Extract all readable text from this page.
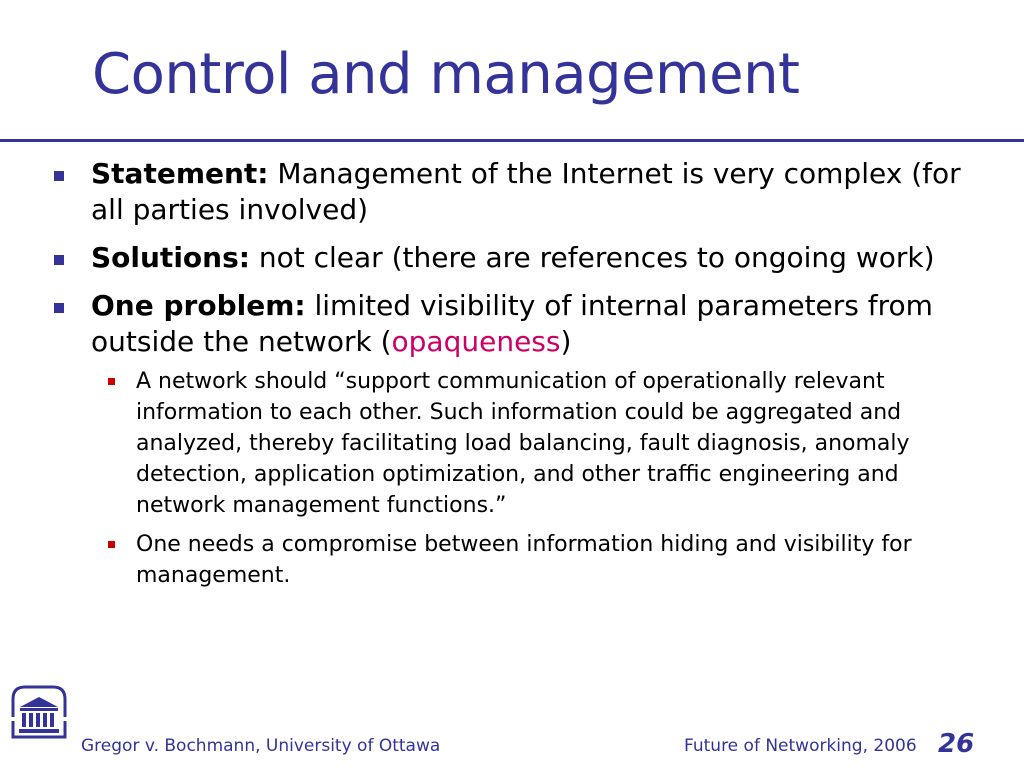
Control and management
Statement: Management of the Internet is very complex (for all parties involved)
Solutions: not clear (there are references to ongoing work)
One problem: limited visibility of internal parameters from outside the network (opaqueness)
A network should “support communication of operationally relevant information to each other. Such information could be aggregated and analyzed, thereby facilitating load balancing, fault diagnosis, anomaly detection, application optimization, and other traffic engineering and network management functions.”
One needs a compromise between information hiding and visibility for management.
Gregor v. Bochmann, University of Ottawa	Future of Networking, 2006 26
